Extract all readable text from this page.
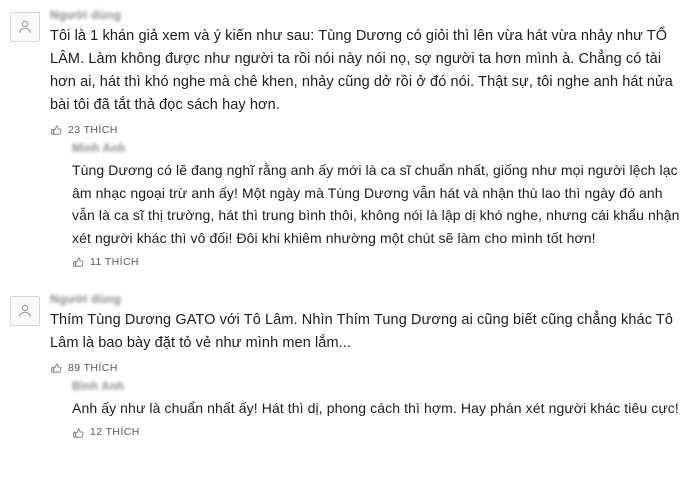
Người dùng
Tôi là 1 khán giả xem và ý kiến như sau: Tùng Dương có giỏi thì lên vừa hát vừa nhảy như TỔ LÂM. Làm không được như người ta rồi nói này nói nọ, sợ người ta hơn mình à. Chẳng có tài hơn ai, hát thì khó nghe mà chê khen, nhảy cũng dở rồi ở đó nói. Thật sự, tôi nghe anh hát nửa bài tôi đã tắt thả đọc sách hay hơn.
23 THÍCH
Minh Anh
Tùng Dương có lẽ đang nghĩ rằng anh ấy mới là ca sĩ chuẩn nhất, giống như mọi người lệch lạc âm nhạc ngoại trừ anh ấy! Một ngày mà Tùng Dương vẫn hát và nhận thù lao thì ngày đó anh vẫn là ca sĩ thị trường, hát thì trung bình thôi, không nói là lập dị khó nghe, nhưng cái khẩu nhận xét người khác thì vô đối! Đôi khi khiêm nhường một chút sẽ làm cho mình tốt hơn!
11 THÍCH
Người dùng
Thím Tùng Dương GATO với Tô Lâm. Nhìn Thím Tung Dương ai cũng biết cũng chẳng khác Tô Lâm là bao bày đặt tỏ vẻ như mình men lắm...
89 THÍCH
Bình Anh
Anh ấy như là chuẩn nhất ấy! Hát thì dị, phong cách thì hợm. Hay phán xét người khác tiêu cực!
12 THÍCH
